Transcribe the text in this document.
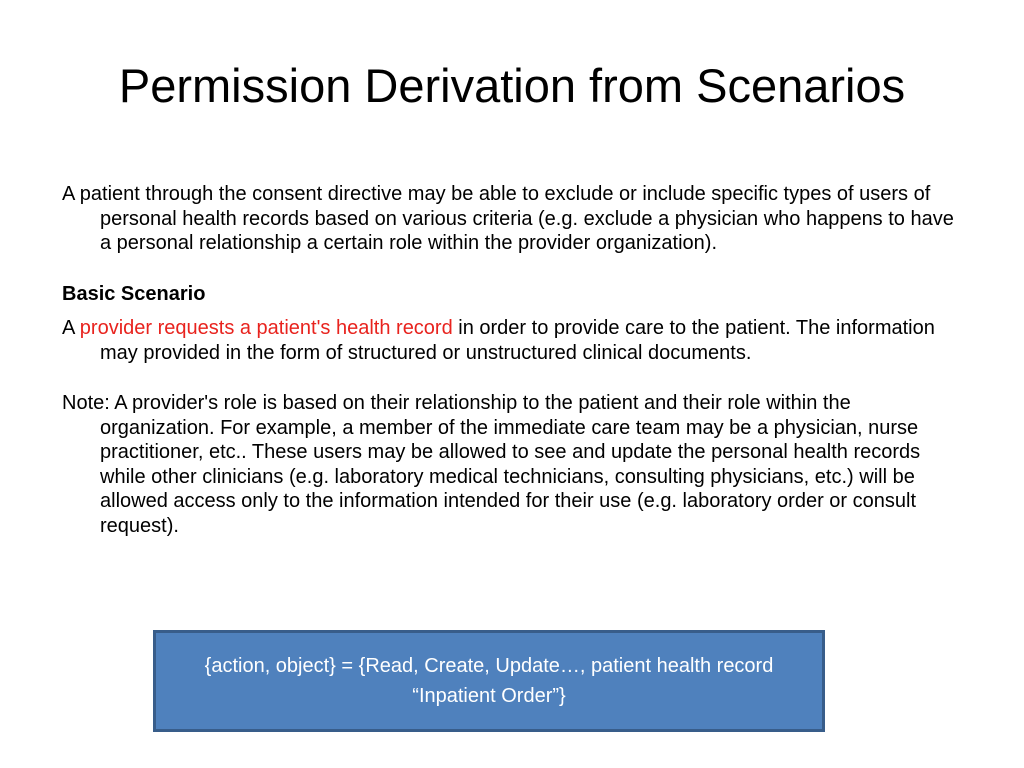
Permission Derivation from Scenarios

A patient through the consent directive may be able to exclude or include specific types of users of personal health records based on various criteria (e.g. exclude a physician who happens to have a personal relationship a certain role within the provider organization).

Basic Scenario

A provider requests a patient's health record in order to provide care to the patient. The information may provided in the form of structured or unstructured clinical documents.

Note: A provider's role is based on their relationship to the patient and their role within the organization. For example, a member of the immediate care team may be a physician, nurse practitioner, etc.. These users may be allowed to see and update the personal health records while other clinicians (e.g. laboratory medical technicians, consulting physicians, etc.) will be allowed access only to the information intended for their use (e.g. laboratory order or consult request).

{action, object} = {Read, Create, Update…, patient health record “Inpatient Order”}
